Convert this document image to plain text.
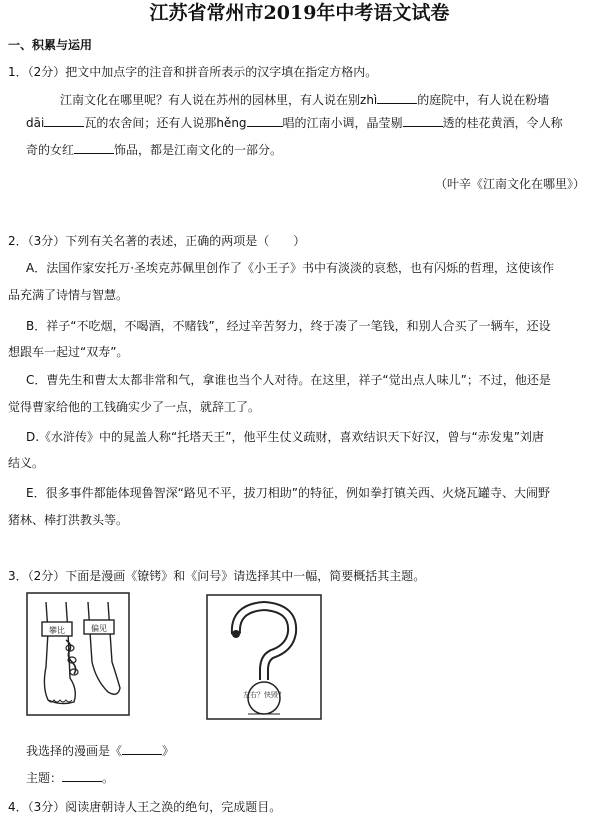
江苏省常州市2019年中考语文试卷
一、积累与运用
1．（2分）把文中加点字的注音和拼音所表示的汉字填在指定方格内。
江南文化在哪里呢？有人说在苏州的园林里，有人说在别zhì	的庭院中，有人说在粉墙
dāi	瓦的农舍间；还有人说那hěng	唱的江南小调，晶莹剔	透的桂花黄酒，令人称
奇的女红	饰品，都是江南文化的一部分。
（叶辛《江南文化在哪里》）
2．（3分）下列有关名著的表述，正确的两项是（　　）
A．法国作家安托万·圣埃克苏佩里创作了《小王子》书中有淡淡的哀愁，也有闪烁的哲理，这使该作
品充满了诗情与智慧。
B．祥子“不吃烟，不喝酒，不赌钱”，经过辛苦努力，终于凑了一笔钱，和别人合买了一辆车，还设
想跟车一起过“双寿”。
C．曹先生和曹太太都非常和气，拿谁也当个人对待。在这里，祥子“觉出点人味儿”；不过，他还是
觉得曹家给他的工钱确实少了一点，就辞工了。
D.《水浒传》中的晁盖人称“托塔天王”，他平生仗义疏财，喜欢结识天下好汉，曾与“赤发鬼”刘唐
结义。
E．很多事件都能体现鲁智深“路见不平，拔刀相助”的特征，例如拳打镇关西、火烧瓦罐寺、大闹野
猪林、棒打洪教头等。
3．（2分）下面是漫画《镣铐》和《问号》请选择其中一幅，简要概括其主题。
攀比	偏见
左右？快毁？
我选择的漫画是《	》
主题：	。
4．（3分）阅读唐朝诗人王之涣的绝句，完成题目。
